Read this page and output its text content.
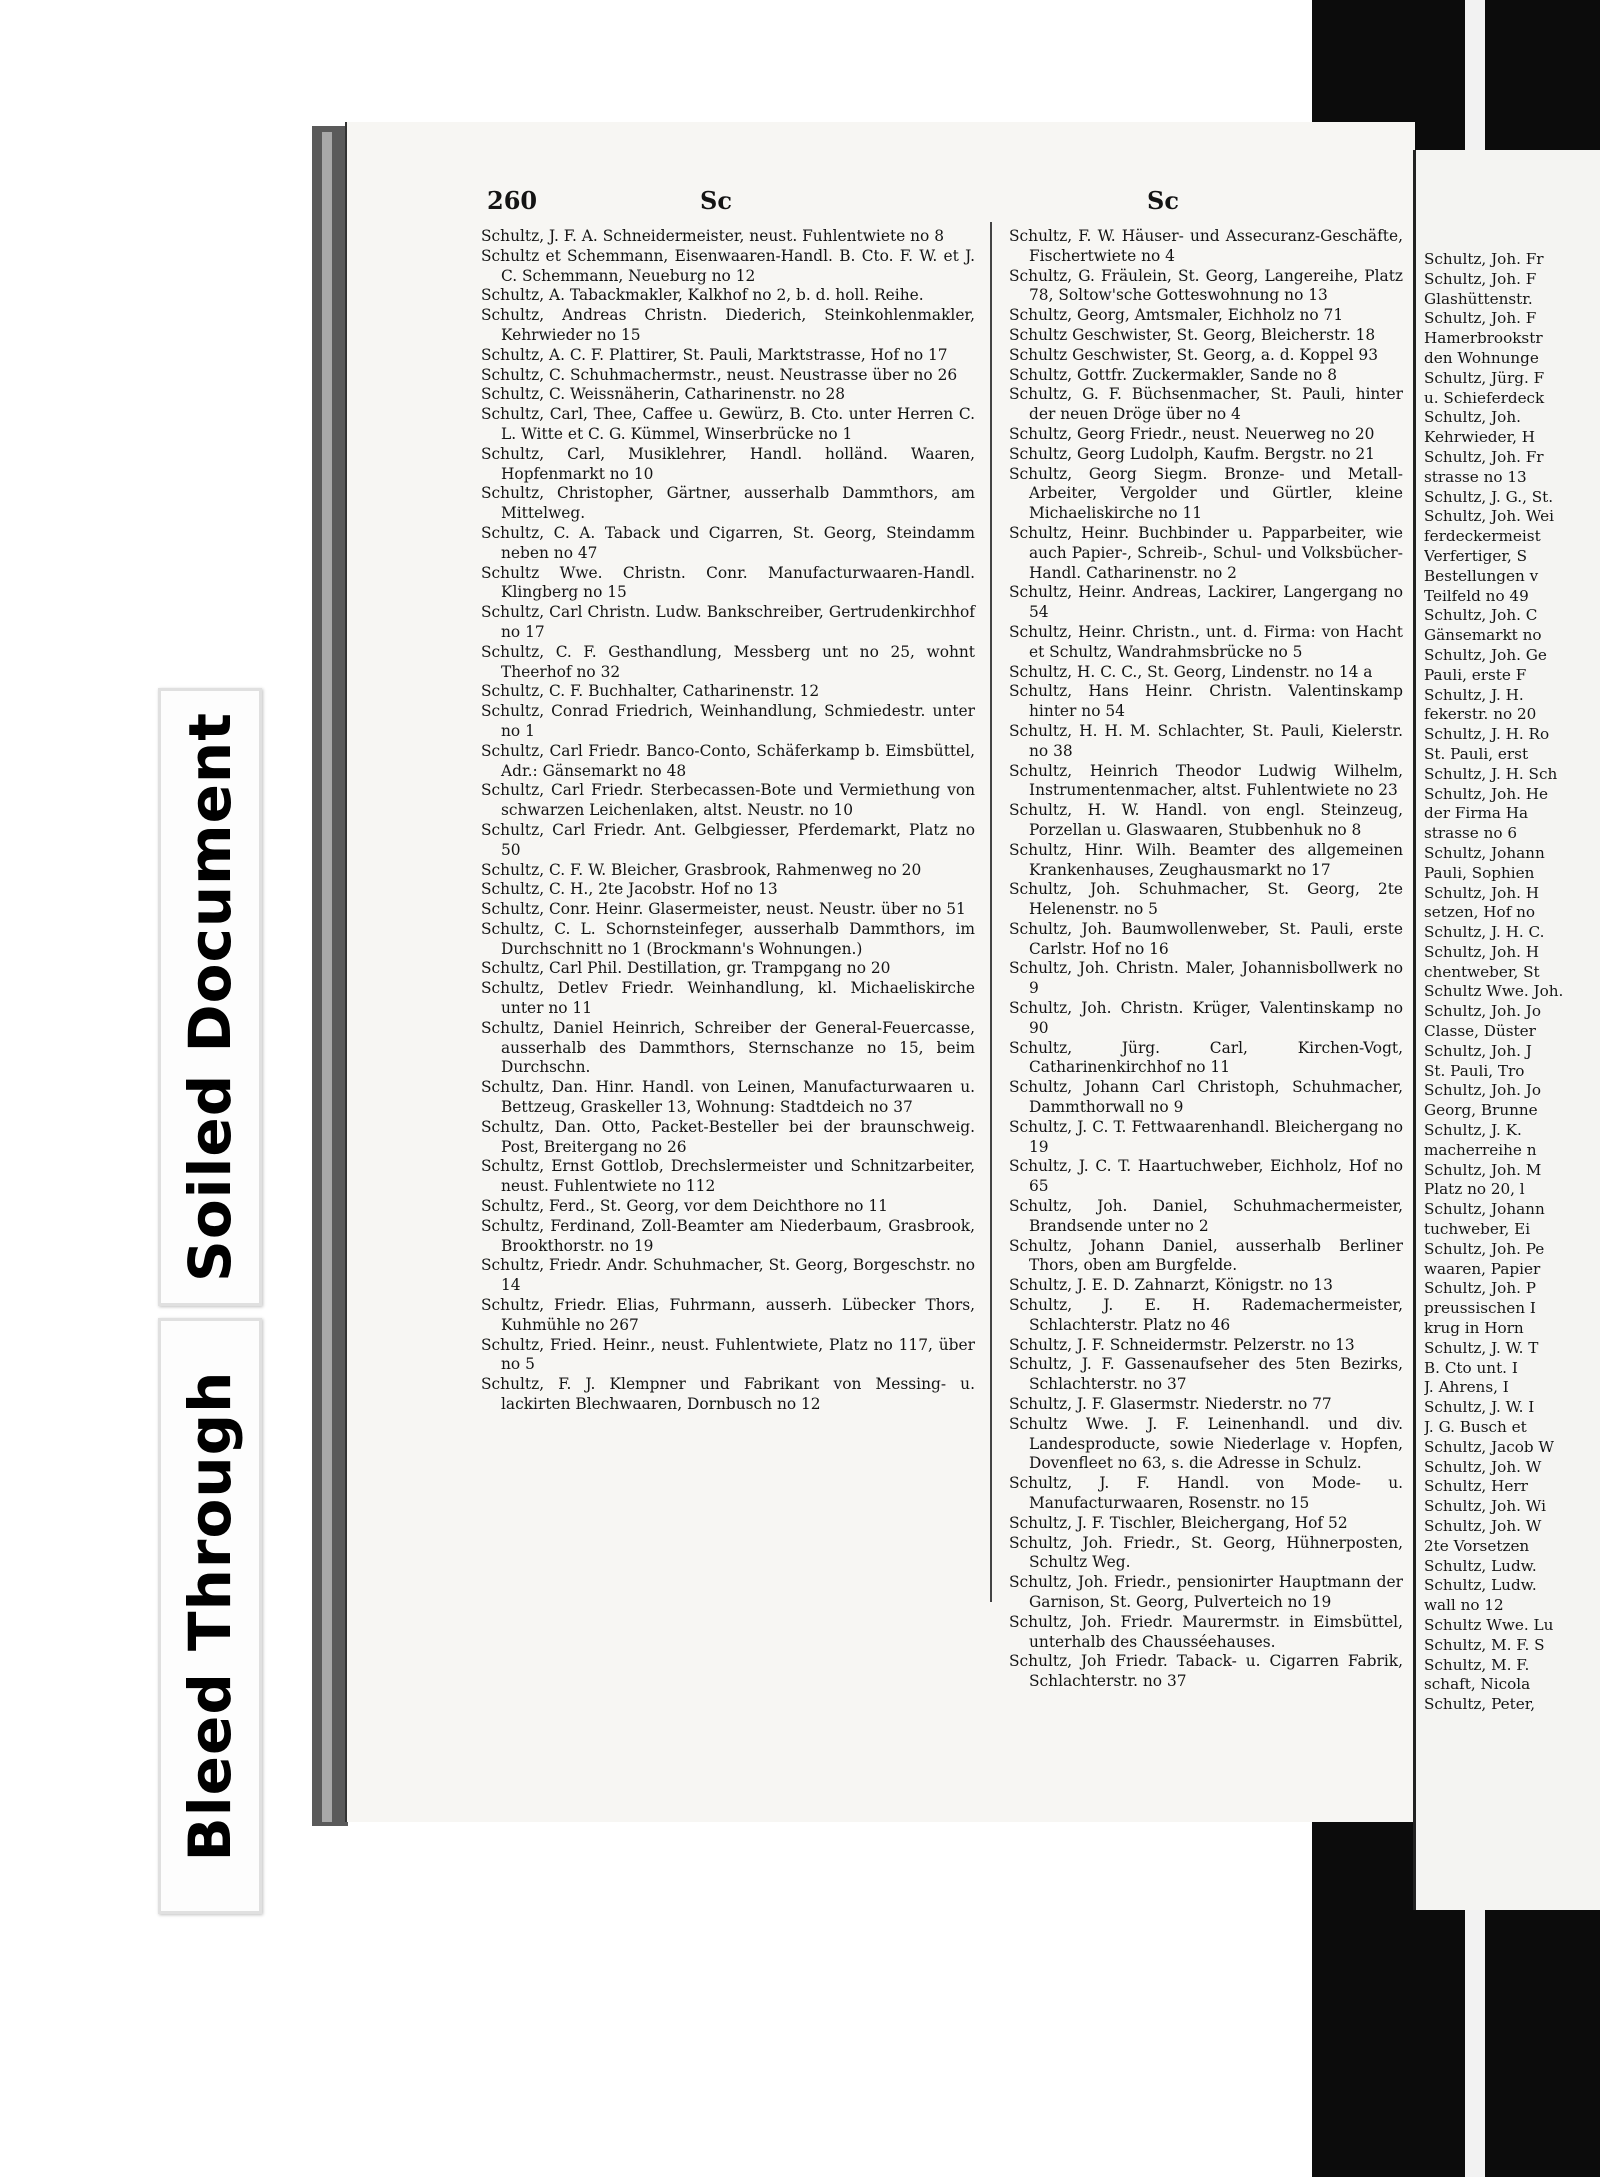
Soiled Document
Bleed Through
260	Sc	Sc
Schultz, J. F. A. Schneidermeister, neust. Fuhlentwiete no 8
Schultz et Schemmann, Eisenwaaren-Handl. B. Cto. F. W. et J. C. Schemmann, Neueburg no 12
Schultz, A. Tabackmakler, Kalkhof no 2, b. d. holl. Reihe.
Schultz, Andreas Christn. Diederich, Steinkohlenmakler, Kehrwieder no 15
Schultz, A. C. F. Plattirer, St. Pauli, Marktstrasse, Hof no 17
Schultz, C. Schuhmachermstr., neust. Neustrasse über no 26
Schultz, C. Weissnäherin, Catharinenstr. no 28
Schultz, Carl, Thee, Caffee u. Gewürz, B. Cto. unter Herren C. L. Witte et C. G. Kümmel, Winserbrücke no 1
Schultz, Carl, Musiklehrer, Handl. holländ. Waaren, Hopfenmarkt no 10
Schultz, Christopher, Gärtner, ausserhalb Dammthors, am Mittelweg.
Schultz, C. A. Taback und Cigarren, St. Georg, Steindamm neben no 47
Schultz Wwe. Christn. Conr. Manufacturwaaren-Handl. Klingberg no 15
Schultz, Carl Christn. Ludw. Bankschreiber, Gertrudenkirchhof no 17
Schultz, C. F. Gesthandlung, Messberg unt no 25, wohnt Theerhof no 32
Schultz, C. F. Buchhalter, Catharinenstr. 12
Schultz, Conrad Friedrich, Weinhandlung, Schmiedestr. unter no 1
Schultz, Carl Friedr. Banco-Conto, Schäferkamp b. Eimsbüttel, Adr.: Gänsemarkt no 48
Schultz, Carl Friedr. Sterbecassen-Bote und Vermiethung von schwarzen Leichenlaken, altst. Neustr. no 10
Schultz, Carl Friedr. Ant. Gelbgiesser, Pferdemarkt, Platz no 50
Schultz, C. F. W. Bleicher, Grasbrook, Rahmenweg no 20
Schultz, C. H., 2te Jacobstr. Hof no 13
Schultz, Conr. Heinr. Glasermeister, neust. Neustr. über no 51
Schultz, C. L. Schornsteinfeger, ausserhalb Dammthors, im Durchschnitt no 1 (Brockmann's Wohnungen.)
Schultz, Carl Phil. Destillation, gr. Trampgang no 20
Schultz, Detlev Friedr. Weinhandlung, kl. Michaeliskirche unter no 11
Schultz, Daniel Heinrich, Schreiber der General-Feuercasse, ausserhalb des Dammthors, Sternschanze no 15, beim Durchschn.
Schultz, Dan. Hinr. Handl. von Leinen, Manufacturwaaren u. Bettzeug, Graskeller 13, Wohnung: Stadtdeich no 37
Schultz, Dan. Otto, Packet-Besteller bei der braunschweig. Post, Breitergang no 26
Schultz, Ernst Gottlob, Drechslermeister und Schnitzarbeiter, neust. Fuhlentwiete no 112
Schultz, Ferd., St. Georg, vor dem Deichthore no 11
Schultz, Ferdinand, Zoll-Beamter am Niederbaum, Grasbrook, Brookthorstr. no 19
Schultz, Friedr. Andr. Schuhmacher, St. Georg, Borgeschstr. no 14
Schultz, Friedr. Elias, Fuhrmann, ausserh. Lübecker Thors, Kuhmühle no 267
Schultz, Fried. Heinr., neust. Fuhlentwiete, Platz no 117, über no 5
Schultz, F. J. Klempner und Fabrikant von Messing- u. lackirten Blechwaaren, Dornbusch no 12
Schultz, F. W. Häuser- und Assecuranz-Geschäfte, Fischertwiete no 4
Schultz, G. Fräulein, St. Georg, Langereihe, Platz 78, Soltow'sche Gotteswohnung no 13
Schultz, Georg, Amtsmaler, Eichholz no 71
Schultz Geschwister, St. Georg, Bleicherstr. 18
Schultz Geschwister, St. Georg, a. d. Koppel 93
Schultz, Gottfr. Zuckermakler, Sande no 8
Schultz, G. F. Büchsenmacher, St. Pauli, hinter der neuen Dröge über no 4
Schultz, Georg Friedr., neust. Neuerweg no 20
Schultz, Georg Ludolph, Kaufm. Bergstr. no 21
Schultz, Georg Siegm. Bronze- und Metall-Arbeiter, Vergolder und Gürtler, kleine Michaeliskirche no 11
Schultz, Heinr. Buchbinder u. Papparbeiter, wie auch Papier-, Schreib-, Schul- und Volksbücher-Handl. Catharinenstr. no 2
Schultz, Heinr. Andreas, Lackirer, Langergang no 54
Schultz, Heinr. Christn., unt. d. Firma: von Hacht et Schultz, Wandrahmsbrücke no 5
Schultz, H. C. C., St. Georg, Lindenstr. no 14 a
Schultz, Hans Heinr. Christn. Valentinskamp hinter no 54
Schultz, H. H. M. Schlachter, St. Pauli, Kielerstr. no 38
Schultz, Heinrich Theodor Ludwig Wilhelm, Instrumentenmacher, altst. Fuhlentwiete no 23
Schultz, H. W. Handl. von engl. Steinzeug, Porzellan u. Glaswaaren, Stubbenhuk no 8
Schultz, Hinr. Wilh. Beamter des allgemeinen Krankenhauses, Zeughausmarkt no 17
Schultz, Joh. Schuhmacher, St. Georg, 2te Helenenstr. no 5
Schultz, Joh. Baumwollenweber, St. Pauli, erste Carlstr. Hof no 16
Schultz, Joh. Christn. Maler, Johannisbollwerk no 9
Schultz, Joh. Christn. Krüger, Valentinskamp no 90
Schultz, Jürg. Carl, Kirchen-Vogt, Catharinenkirchhof no 11
Schultz, Johann Carl Christoph, Schuhmacher, Dammthorwall no 9
Schultz, J. C. T. Fettwaarenhandl. Bleichergang no 19
Schultz, J. C. T. Haartuchweber, Eichholz, Hof no 65
Schultz, Joh. Daniel, Schuhmachermeister, Brandsende unter no 2
Schultz, Johann Daniel, ausserhalb Berliner Thors, oben am Burgfelde.
Schultz, J. E. D. Zahnarzt, Königstr. no 13
Schultz, J. E. H. Rademachermeister, Schlachterstr. Platz no 46
Schultz, J. F. Schneidermstr. Pelzerstr. no 13
Schultz, J. F. Gassenaufseher des 5ten Bezirks, Schlachterstr. no 37
Schultz, J. F. Glasermstr. Niederstr. no 77
Schultz Wwe. J. F. Leinenhandl. und div. Landesproducte, sowie Niederlage v. Hopfen, Dovenfleet no 63, s. die Adresse in Schulz.
Schultz, J. F. Handl. von Mode- u. Manufacturwaaren, Rosenstr. no 15
Schultz, J. F. Tischler, Bleichergang, Hof 52
Schultz, Joh. Friedr., St. Georg, Hühnerposten, Schultz Weg.
Schultz, Joh. Friedr., pensionirter Hauptmann der Garnison, St. Georg, Pulverteich no 19
Schultz, Joh. Friedr. Maurermstr. in Eimsbüttel, unterhalb des Chausséehauses.
Schultz, Joh Friedr. Taback- u. Cigarren Fabrik, Schlachterstr. no 37
Schultz, Joh. Fr
Schultz, Joh. F
Glashüttenstr.
Schultz, Joh. F
Hamerbrookstr
den Wohnunge
Schultz, Jürg. F
u. Schieferdeck
Schultz, Joh.
Kehrwieder, H
Schultz, Joh. Fr
strasse no 13
Schultz, J. G., St.
Schultz, Joh. Wei
ferdeckermeist
Verfertiger, S
Bestellungen v
Teilfeld no 49
Schultz, Joh. C
Gänsemarkt no
Schultz, Joh. Ge
Pauli, erste F
Schultz, J. H.
fekerstr. no 20
Schultz, J. H. Ro
St. Pauli, erst
Schultz, J. H. Sch
Schultz, Joh. He
der Firma Ha
strasse no 6
Schultz, Johann
Pauli, Sophien
Schultz, Joh. H
setzen, Hof no
Schultz, J. H. C.
Schultz, Joh. H
chentweber, St
Schultz Wwe. Joh.
Schultz, Joh. Jo
Classe, Düster
Schultz, Joh. J
St. Pauli, Tro
Schultz, Joh. Jo
Georg, Brunne
Schultz, J. K.
macherreihe n
Schultz, Joh. M
Platz no 20, l
Schultz, Johann
tuchweber, Ei
Schultz, Joh. Pe
waaren, Papier
Schultz, Joh. P
preussischen I
krug in Horn
Schultz, J. W. T
B. Cto unt. I
J. Ahrens, I
Schultz, J. W. I
J. G. Busch et
Schultz, Jacob W
Schultz, Joh. W
Schultz, Herr
Schultz, Joh. Wi
Schultz, Joh. W
2te Vorsetzen
Schultz, Ludw.
Schultz, Ludw.
wall no 12
Schultz Wwe. Lu
Schultz, M. F. S
Schultz, M. F.
schaft, Nicola
Schultz, Peter,
